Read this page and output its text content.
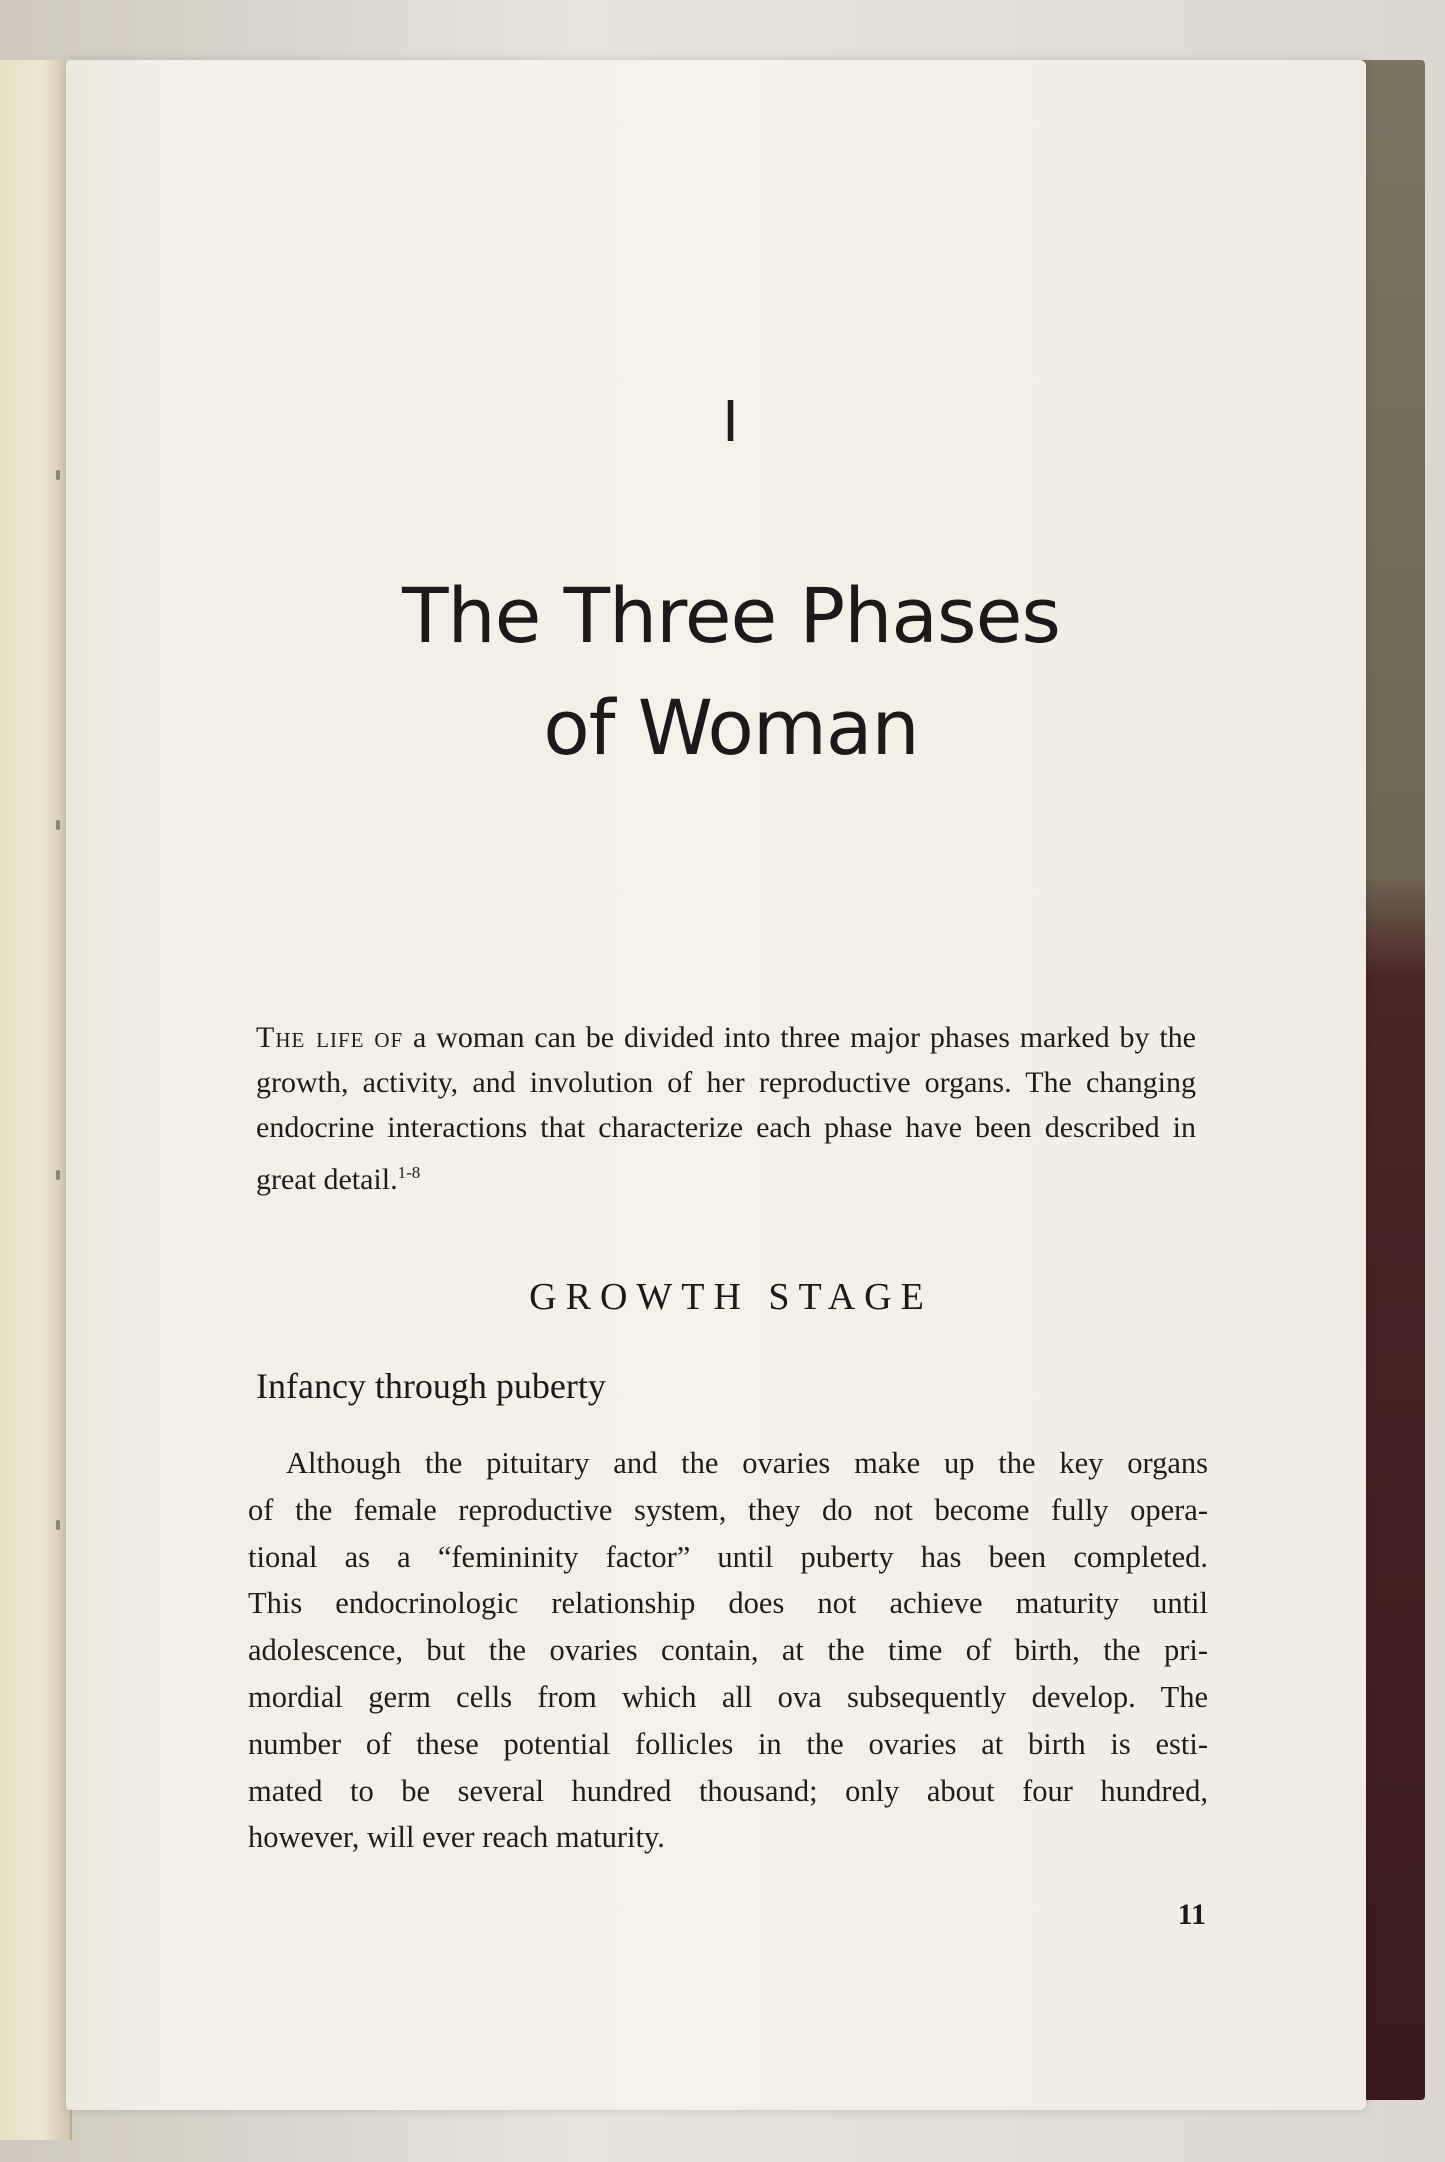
I
The Three Phases
of Woman
The life of a woman can be divided into three major phases marked by the growth, activity, and involution of her reproductive organs. The changing endocrine interactions that characterize each phase have been described in great detail.$^{1-8}$
GROWTH STAGE
Infancy through puberty
Although the pituitary and the ovaries make up the key organs
of the female reproductive system, they do not become fully opera-
tional as a “femininity factor” until puberty has been completed.
This endocrinologic relationship does not achieve maturity until
adolescence, but the ovaries contain, at the time of birth, the pri-
mordial germ cells from which all ova subsequently develop. The
number of these potential follicles in the ovaries at birth is esti-
mated to be several hundred thousand; only about four hundred,
however, will ever reach maturity.
11
